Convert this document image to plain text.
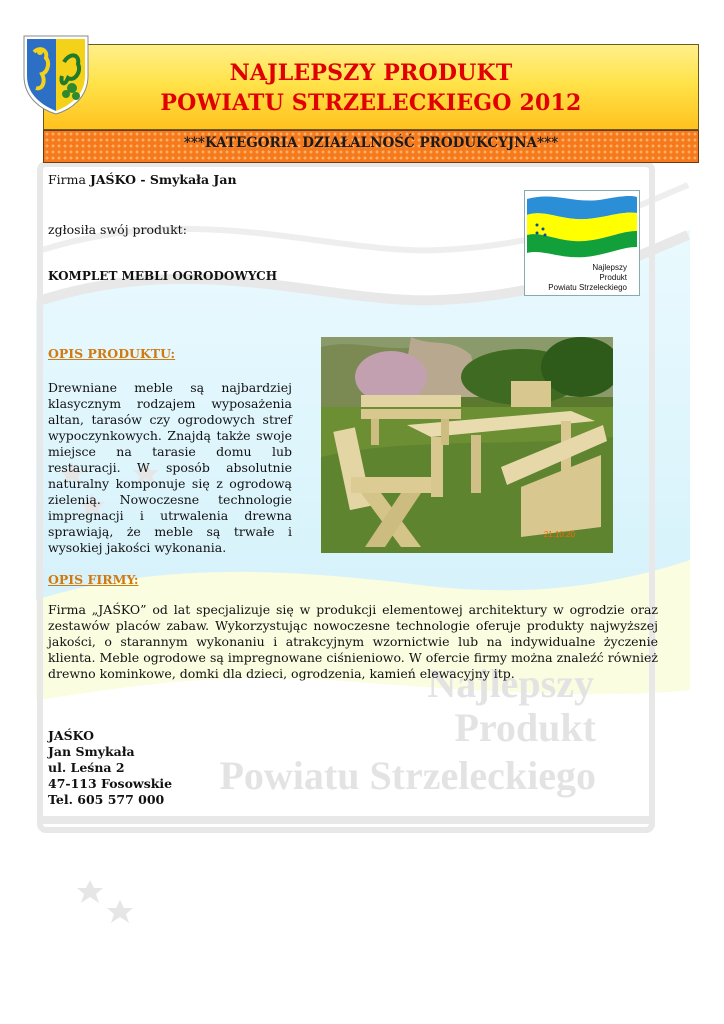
Najlepszy
Produkt
Powiatu Strzeleckiego
NAJLEPSZY PRODUKT
POWIATU STRZELECKIEGO 2012
***KATEGORIA DZIAŁALNOŚĆ PRODUKCYJNA***
Firma JAŚKO - Smykała Jan
zgłosiła swój produkt:
KOMPLET MEBLI OGRODOWYCH
Najlepszy
Produkt
Powiatu Strzeleckiego
OPIS PRODUKTU:
Drewniane meble są najbardziej klasycznym rodzajem wyposażenia altan, tarasów czy ogrodowych stref wypoczynkowych. Znajdą także swoje miejsce na tarasie domu lub restauracji. W sposób absolutnie naturalny komponuje się z ogrodową zielenią. Nowoczesne technologie impregnacji i utrwalenia drewna sprawiają, że meble są trwałe i wysokiej jakości wykonania.
21.10.20
OPIS FIRMY:
Firma „JAŚKO” od lat specjalizuje się w produkcji elementowej architektury w ogrodzie oraz zestawów placów zabaw. Wykorzystując nowoczesne technologie oferuje produkty najwyższej jakości, o starannym wykonaniu i atrakcyjnym wzornictwie lub na indywidualne życzenie klienta. Meble ogrodowe są impregnowane ciśnieniowo. W ofercie firmy można znaleźć również drewno kominkowe, domki dla dzieci, ogrodzenia, kamień elewacyjny itp.
JAŚKO
Jan Smykała
ul. Leśna 2
47-113 Fosowskie
Tel. 605 577 000
